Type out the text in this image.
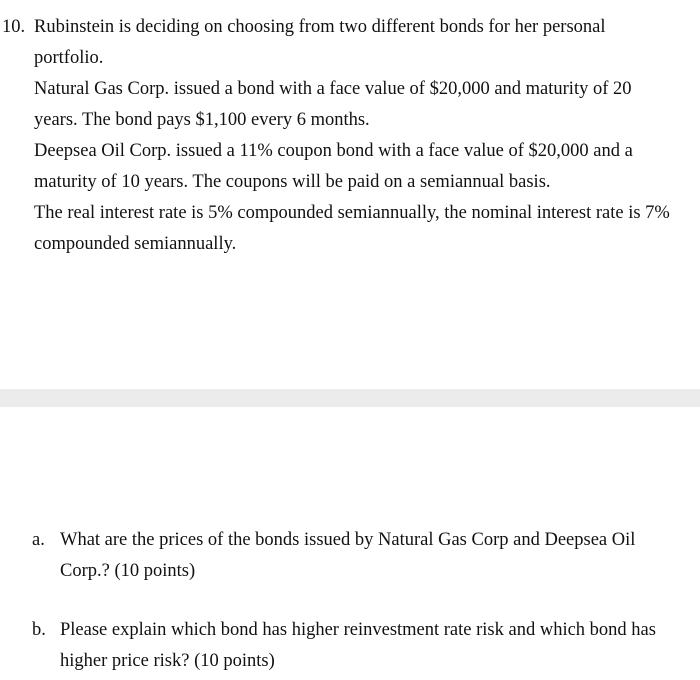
10. Rubinstein is deciding on choosing from two different bonds for her personal
portfolio.
Natural Gas Corp. issued a bond with a face value of $20,000 and maturity of 20
years. The bond pays $1,100 every 6 months.
Deepsea Oil Corp. issued a 11% coupon bond with a face value of $20,000 and a
maturity of 10 years. The coupons will be paid on a semiannual basis.
The real interest rate is 5% compounded semiannually, the nominal interest rate is 7%
compounded semiannually.
a. What are the prices of the bonds issued by Natural Gas Corp and Deepsea Oil
Corp.? (10 points)
b. Please explain which bond has higher reinvestment rate risk and which bond has
higher price risk? (10 points)
